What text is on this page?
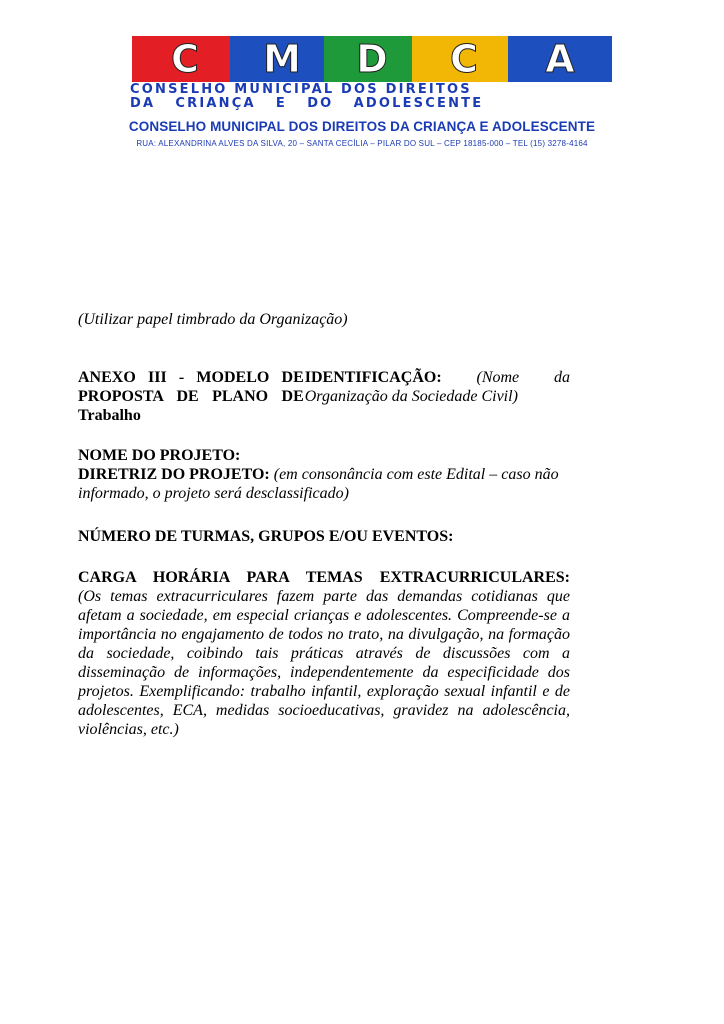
C	M	D	C	A
CONSELHO MUNICIPAL DOS DIREITOS
DA   CRIANÇA   E   DO   ADOLESCENTE
CONSELHO MUNICIPAL DOS DIREITOS DA CRIANÇA E ADOLESCENTE
RUA: ALEXANDRINA ALVES DA SILVA, 20 – SANTA CECÍLIA – PILAR DO SUL – CEP 18185-000 – TEL (15) 3278-4164
(Utilizar papel timbrado da Organização)
ANEXO III - MODELO DE PROPOSTA DE PLANO DE Trabalho
IDENTIFICAÇÃO: (Nome da
Organização da Sociedade Civil)
NOME DO PROJETO:
DIRETRIZ DO PROJETO: (em consonância com este Edital – caso não informado, o projeto será desclassificado)
NÚMERO DE TURMAS, GRUPOS E/OU EVENTOS:
CARGA HORÁRIA PARA TEMAS EXTRACURRICULARES:
(Os temas extracurriculares fazem parte das demandas cotidianas que afetam a sociedade, em especial crianças e adolescentes. Compreende-se a importância no engajamento de todos no trato, na divulgação, na formação da sociedade, coibindo tais práticas através de discussões com a disseminação de informações, independentemente da especificidade dos projetos. Exemplificando: trabalho infantil, exploração sexual infantil e de adolescentes, ECA, medidas socioeducativas, gravidez na adolescência, violências, etc.)
